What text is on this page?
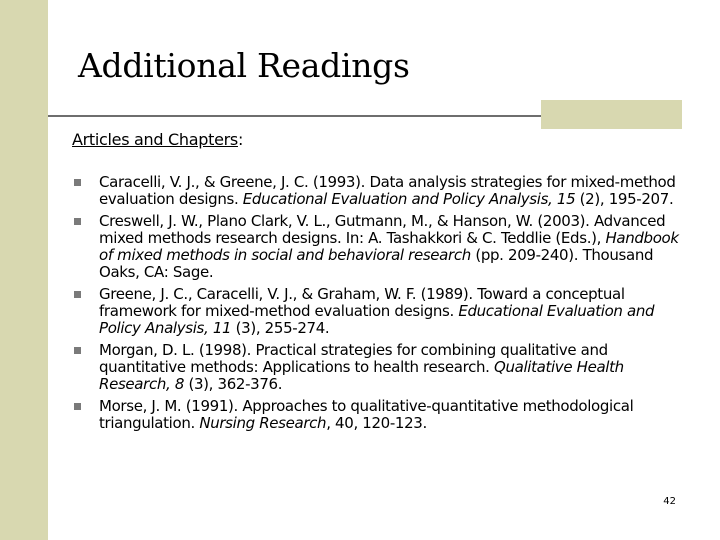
Additional Readings

Articles and Chapters:

Caracelli, V. J., & Greene, J. C. (1993). Data analysis strategies for mixed-method evaluation designs. Educational Evaluation and Policy Analysis, 15 (2), 195-207.
Creswell, J. W., Plano Clark, V. L., Gutmann, M., & Hanson, W. (2003). Advanced mixed methods research designs. In: A. Tashakkori & C. Teddlie (Eds.), Handbook of mixed methods in social and behavioral research (pp. 209-240). Thousand Oaks, CA: Sage.
Greene, J. C., Caracelli, V. J., & Graham, W. F. (1989). Toward a conceptual framework for mixed-method evaluation designs. Educational Evaluation and Policy Analysis, 11 (3), 255-274.
Morgan, D. L. (1998). Practical strategies for combining qualitative and quantitative methods: Applications to health research. Qualitative Health Research, 8 (3), 362-376.
Morse, J. M. (1991). Approaches to qualitative-quantitative methodological triangulation. Nursing Research, 40, 120-123.
42
